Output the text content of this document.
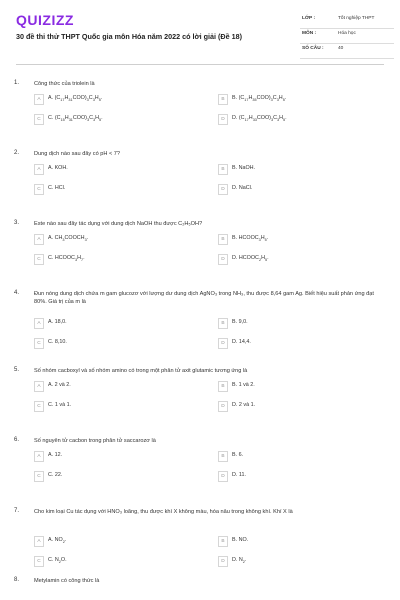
QUIZIZZ
30 đề thi thử THPT Quốc gia môn Hóa năm 2022 có lời giải (Đề 18)
LỚP :	Tốt nghiệp THPT
MÔN :	Hóa học
SỐ CÂU :	40
1.	Công thức của triolein là
A	A. $(C_{17}H_{31}COO)_3C_3H_5$.	B	B. $(C_{17}H_{35}COO)_3C_3H_5$.
C	C. $(C_{15}H_{31}COO)_3C_3H_5$.	D	D. $(C_{17}H_{33}COO)_3C_3H_5$.
2.	Dung dịch nào sau đây có pH < 7?
A	A. KOH.	B	B. NaOH.
C	C. HCl.	D	D. NaCl.
3.	Este nào sau đây tác dụng với dung dịch NaOH thu được C₂H₅OH?
A	A. $CH_3COOCH_3$.	B	B. $HCOOC_3H_5$.
C	C. $HCOOC_3H_7$.	D	D. $HCOOC_2H_5$.
4.	Đun nóng dung dịch chứa m gam glucozơ với lượng dư dung dịch AgNO₃ trong NH₃, thu được 8,64 gam Ag. Biết hiệu suất phản ứng đạt 80%. Giá trị của m là
A	A. 18,0.	B	B. 9,0.
C	C. 8,10.	D	D. 14,4.
5.	Số nhóm cacboxyl và số nhóm amino có trong một phân tử axit glutamic tương ứng là
A	A. 2 và 2.	B	B. 1 và 2.
C	C. 1 và 1.	D	D. 2 và 1.
6.	Số nguyên tử cacbon trong phân tử saccarozơ là
A	A. 12.	B	B. 6.
C	C. 22.	D	D. 11.
7.	Cho kim loại Cu tác dụng với HNO₃ loãng, thu được khí X không màu, hóa nâu trong không khí. Khí X là
A	A. $NO_2$.	B	B. NO.
C	C. $N_2O$.	D	D. $N_2$.
8.	Metylamin có công thức là
